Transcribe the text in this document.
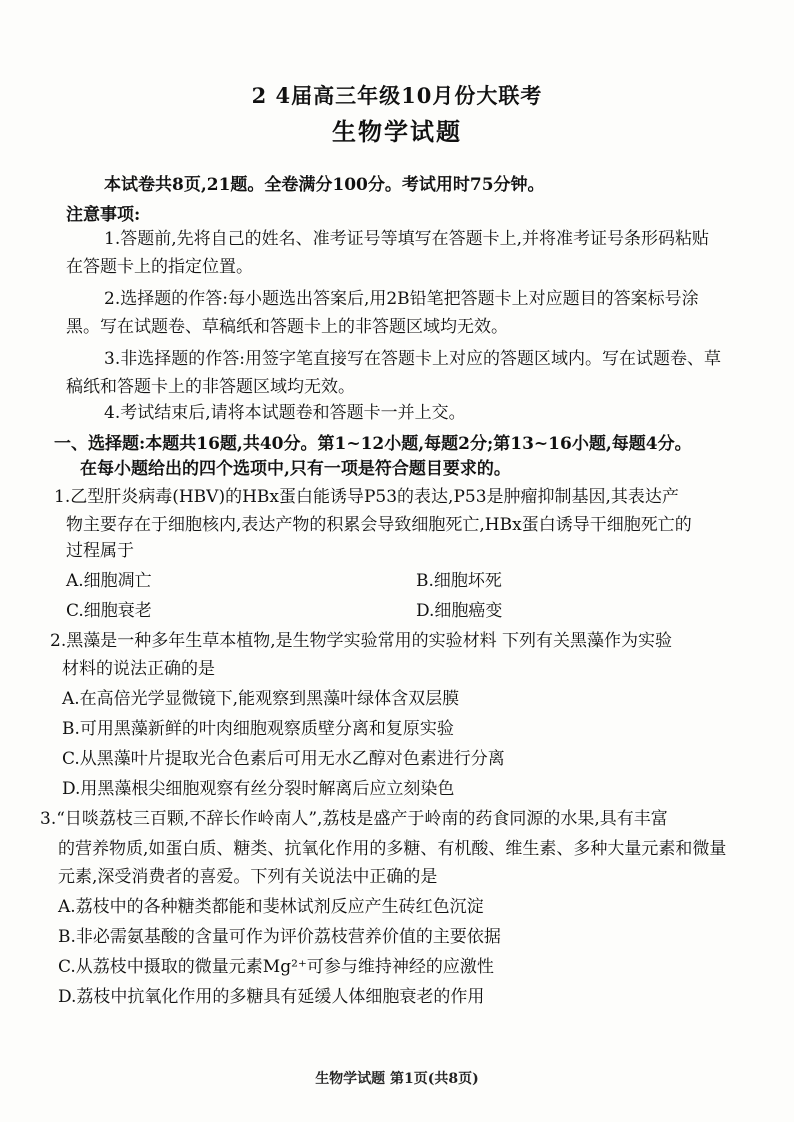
2 4届高三年级10月份大联考
生物学试题
本试卷共8页,21题。全卷满分100分。考试用时75分钟。
注意事项:
1.答题前,先将自己的姓名、准考证号等填写在答题卡上,并将准考证号条形码粘贴
在答题卡上的指定位置。
2.选择题的作答:每小题选出答案后,用2B铅笔把答题卡上对应题目的答案标号涂
黑。写在试题卷、草稿纸和答题卡上的非答题区域均无效。
3.非选择题的作答:用签字笔直接写在答题卡上对应的答题区域内。写在试题卷、草
稿纸和答题卡上的非答题区域均无效。
4.考试结束后,请将本试题卷和答题卡一并上交。
一、选择题:本题共16题,共40分。第1~12小题,每题2分;第13~16小题,每题4分。
在每小题给出的四个选项中,只有一项是符合题目要求的。
1.乙型肝炎病毒(HBV)的HBx蛋白能诱导P53的表达,P53是肿瘤抑制基因,其表达产
物主要存在于细胞核内,表达产物的积累会导致细胞死亡,HBx蛋白诱导干细胞死亡的
过程属于
A.细胞凋亡	B.细胞坏死
C.细胞衰老	D.细胞癌变
2.黑藻是一种多年生草本植物,是生物学实验常用的实验材料 下列有关黑藻作为实验
材料的说法正确的是
A.在高倍光学显微镜下,能观察到黑藻叶绿体含双层膜
B.可用黑藻新鲜的叶肉细胞观察质壁分离和复原实验
C.从黑藻叶片提取光合色素后可用无水乙醇对色素进行分离
D.用黑藻根尖细胞观察有丝分裂时解离后应立刻染色
3.“日啖荔枝三百颗,不辞长作岭南人”,荔枝是盛产于岭南的药食同源的水果,具有丰富
的营养物质,如蛋白质、糖类、抗氧化作用的多糖、有机酸、维生素、多种大量元素和微量
元素,深受消费者的喜爱。下列有关说法中正确的是
A.荔枝中的各种糖类都能和斐林试剂反应产生砖红色沉淀
B.非必需氨基酸的含量可作为评价荔枝营养价值的主要依据
C.从荔枝中摄取的微量元素Mg²⁺可参与维持神经的应激性
D.荔枝中抗氧化作用的多糖具有延缓人体细胞衰老的作用
生物学试题 第1页(共8页)
